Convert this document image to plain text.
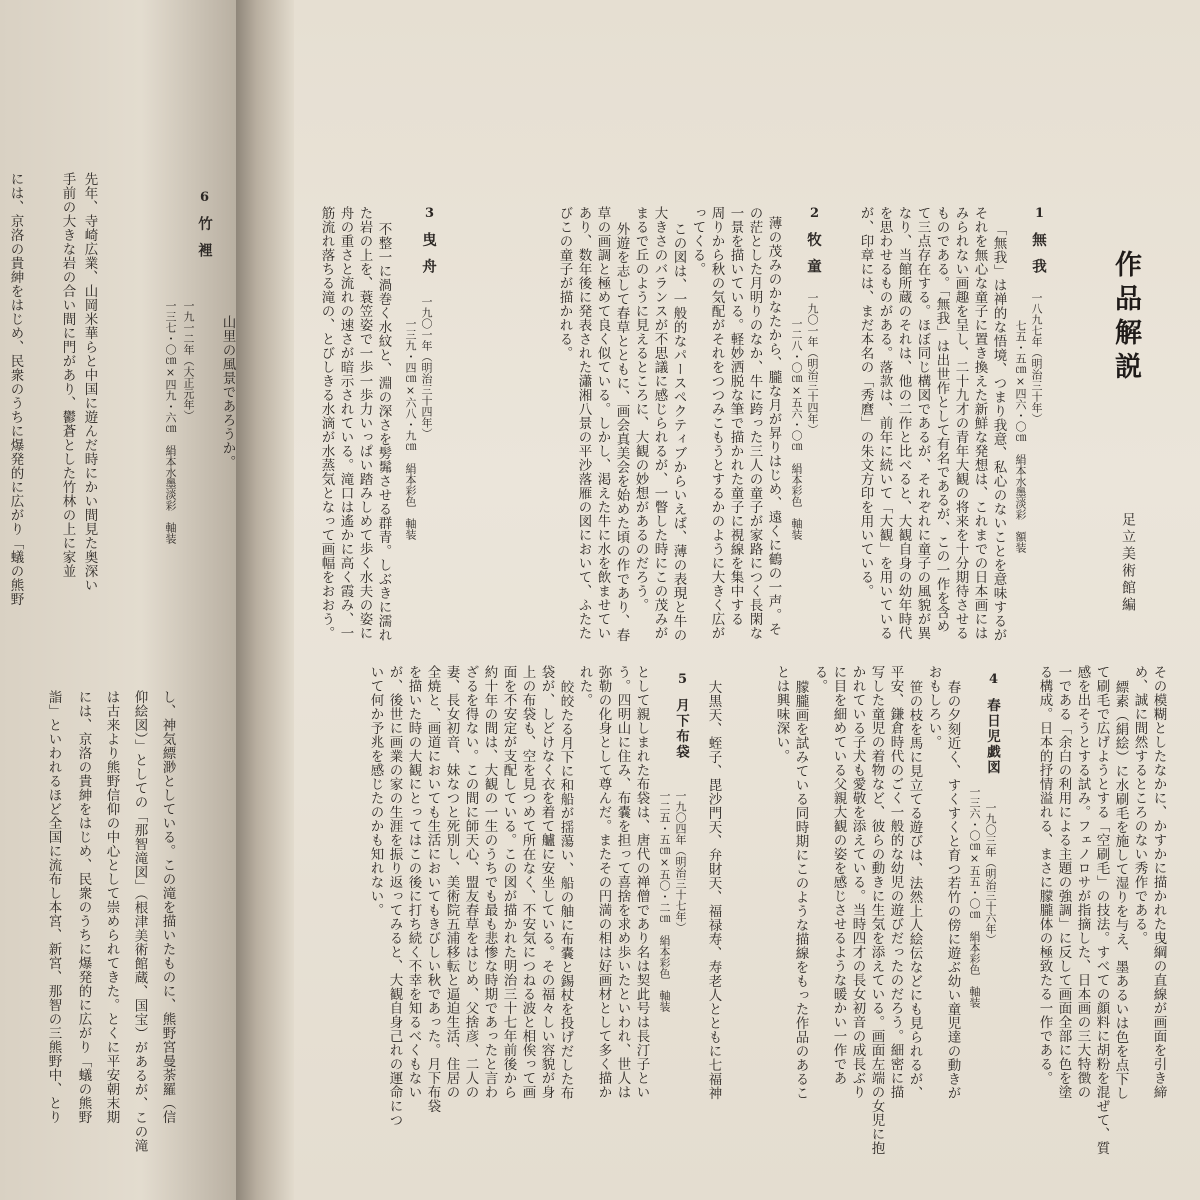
6
竹裡
一九一二年（大正元年）
一三七・〇㎝×四九・六㎝　絹本水墨淡彩　軸装	山里の風景であろうか。
先年、寺崎広業、山岡米華らと中国に遊んだ時にかい間見た奥深い
手前の大きな岩の合い間に門があり、鬱蒼とした竹林の上に家並
には、京洛の貴紳をはじめ、民衆のうちに爆発的に広がり「蟻の熊野
し、神気縹渺としている。この滝を描いたものに、熊野宮曼荼羅（信
仰絵図）」としての「那智滝図」（根津美術館蔵、国宝）があるが、この滝
は古来より熊野信仰の中心として崇められてきた。とくに平安朝末期
には、京洛の貴紳をはじめ、民衆のうちに爆発的に広がり「蟻の熊野
詣」といわれるほど全国に流布し本宮、新宮、那智の三熊野中、とり
作品解説
足立美術館編
1
無我
一八九七年（明治三十年）
七五・五㎝×四六・〇㎝　絹本水墨淡彩　額装
「無我」は禅的な悟境、つまり我意、私心のないことを意味するが
それを無心な童子に置き換えた新鮮な発想は、これまでの日本画には
みられない画趣を呈し、二十九才の青年大観の将来を十分期待させる
ものである。「無我」は出世作として有名であるが、この一作を含め
て三点存在する。ほぼ同じ構図であるが、それぞれに童子の風貌が異
なり、当館所蔵のそれは、他の二作と比べると、大観自身の幼年時代
を思わせるものがある。落款は、前年に続いて「大観」を用いている
が、印章には、まだ本名の「秀麿」の朱文方印を用いている。
2
牧童
一九〇一年（明治三十四年）
一二八・〇㎝×五六・〇㎝　絹本彩色　軸装
薄の茂みのかなたから、朧な月が昇りはじめ、遠くに鶴の一声。そ
の茫とした月明りのなか、牛に跨った三人の童子が家路につく長閑な
一景を描いている。軽妙洒脱な筆で描かれた童子に視線を集中する
周りから秋の気配がそれをつつみこもうとするかのように大きく広が
ってくる。
この図は、一般的なパースペクティブからいえば、薄の表現と牛の
大きさのバランスが不思議に感じられるが、一瞥した時にこの茂みが
まるで丘のように見えるところに、大観の妙想があるのだろう。
外遊を志して春草とともに、画会真美会を始めた頃の作であり、春
草の画調と極めて良く似ている。しかし、渇えた牛に水を飲ませてい
あり、数年後に発表された瀟湘八景の平沙落雁の図において、ふたた
びこの童子が描かれる。
3
曳舟
一九〇一年（明治三十四年）
一三九・四㎝×六八・九㎝　絹本彩色　軸装
不整一に渦巻く水紋と、淵の深さを髣髴させる群青。しぶきに濡れ
た岩の上を、蓑笠姿で一歩一歩力いっぱい踏みしめて歩く水夫の姿に
舟の重さと流れの速さが暗示されている。滝口は遙かに高く霞み、一
筋流れ落ちる滝の、とびしきる水滴が水蒸気となって画幅をおおう。
その模糊としたなかに、かすかに描かれた曳綱の直線が画面を引き締
め、誠に間然するところのない秀作である。
縹素（絹絵）に水刷毛を施して湿りを与え、墨あるいは色を点下し
て刷毛で広げようとする「空刷毛」の技法。すべての顔料に胡粉を混ぜて、質
感を出そうとする試み。フェノロサが指摘した、日本画の三大特徴の
一である「余白の利用による主題の強調」に反して画面全部に色を塗
る構成。日本的抒情溢れる、まさに朦朧体の極致たる一作である。
4
春日児戯図
一九〇三年（明治三十六年）
一三六・〇㎝×五五・〇㎝　絹本彩色　軸装
春の夕刻近く、すくすくと育つ若竹の傍に遊ぶ幼い童児達の動きが
おもしろい。
笹の枝を馬に見立てる遊びは、法然上人絵伝などにも見られるが、
平安、鎌倉時代のごく一般的な幼児の遊びだったのだろう。細密に描
写した童児の着物など、彼らの動きに生気を添えている。画面左端の女児に抱
かれている子犬も愛敬を添えている。当時四才の長女初音の成長ぶり
に目を細めている父親大観の姿を感じさせるような暖かい一作であ
る。
朦朧画を試みている同時期にこのような描線をもった作品のあるこ
とは興味深い。
5
月下布袋
一九〇四年（明治三十七年）
一二五・五㎝×五〇・二㎝　絹本彩色　軸装	大黒天、蛭子、毘沙門天、弁財天、福禄寿、寿老人とともに七福神
として親しまれた布袋は、唐代の禅僧であり名は契此号は長汀子とい
う。四明山に住み、布嚢を担って喜捨を求め歩いたといわれ、世人は
弥勒の化身として尊んだ。またその円満の相は好画材として多く描か
れた。
皎皎たる月下に和船が揺蕩い、船の舳に布嚢と錫杖を投げだした布
袋が、しどけなく衣を着て艫に安坐している。その福々しい容貌が身
上の布袋も、空を見つめて所在なく、不安気につねる波と相俟って画
面を不安定が支配している。この図が描かれた明治三十七年前後から
約十年の間は、大観の一生のうちでも最も悲惨な時期であったと言わ
ざるを得ない。この間に師天心、盟友春草をはじめ、父捨彦、二人の
妻、長女初音、妹なつと死別し、美術院五浦移転と逼迫生活、住居の
全焼と、画道においても生活においてもきびしい秋であった。月下布袋
を描いた時の大観にとってはこの後に打ち続く不幸を知るべくもない
が、後世に画業の家の生涯を振り返ってみると、大観自身己れの運命につ
いて何か予兆を感じたのかも知れない。
